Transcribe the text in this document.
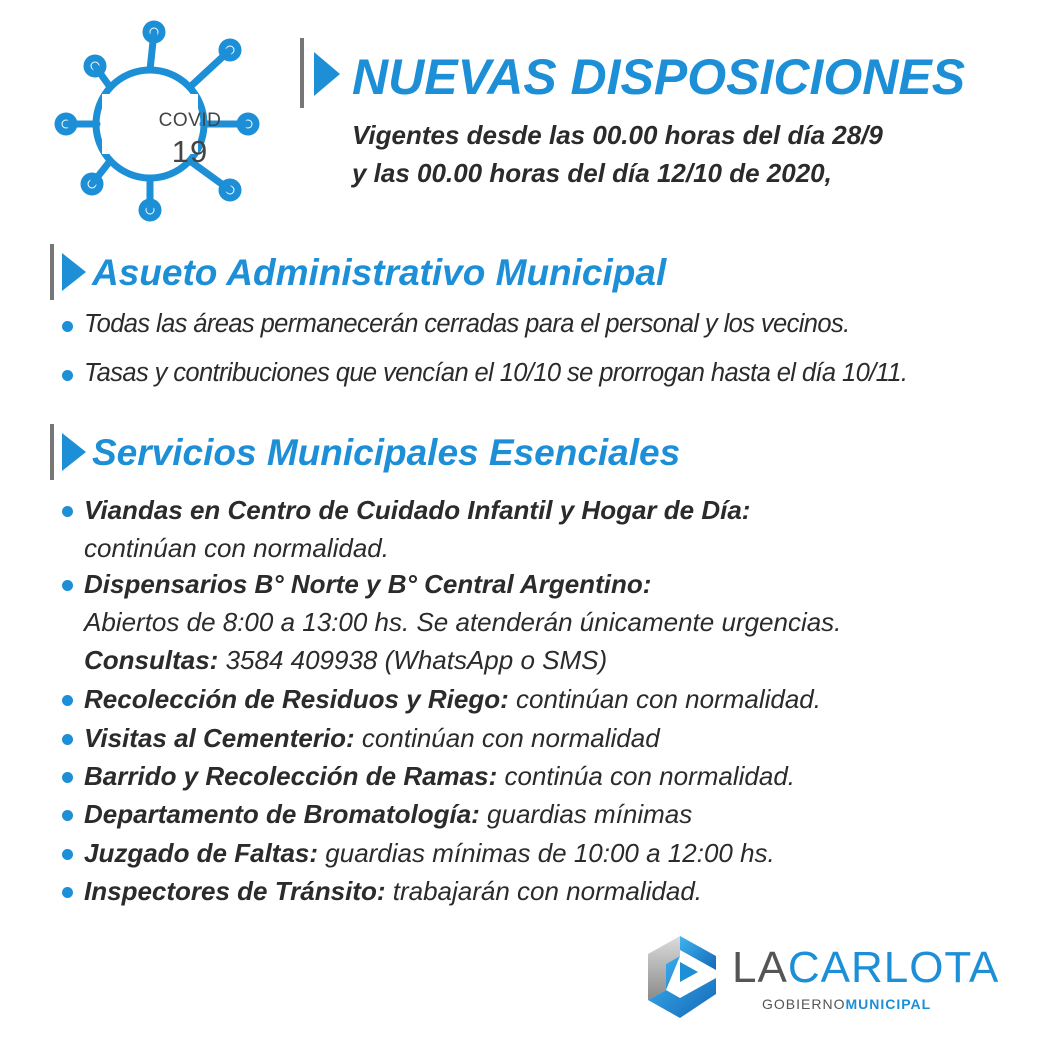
COVID
19
NUEVAS DISPOSICIONES
Vigentes desde las 00.00 horas del día 28/9
y las 00.00 horas del día 12/10 de 2020,
Asueto Administrativo Municipal
Todas las áreas permanecerán cerradas para el personal y los vecinos.
Tasas y contribuciones que vencían el 10/10 se prorrogan hasta el día 10/11.
Servicios Municipales Esenciales
Viandas en Centro de Cuidado Infantil y Hogar de Día:
continúan con normalidad.
Dispensarios B° Norte y B° Central Argentino:
Abiertos de 8:00 a 13:00 hs. Se atenderán únicamente urgencias.
Consultas: 3584 409938 (WhatsApp o SMS)
Recolección de Residuos y Riego: continúan con normalidad.
Visitas al Cementerio: continúan con normalidad
Barrido y Recolección de Ramas: continúa con normalidad.
Departamento de Bromatología: guardias mínimas
Juzgado de Faltas: guardias mínimas de 10:00 a 12:00 hs.
Inspectores de Tránsito: trabajarán con normalidad.
LACARLOTA
GOBIERNOMUNICIPAL
